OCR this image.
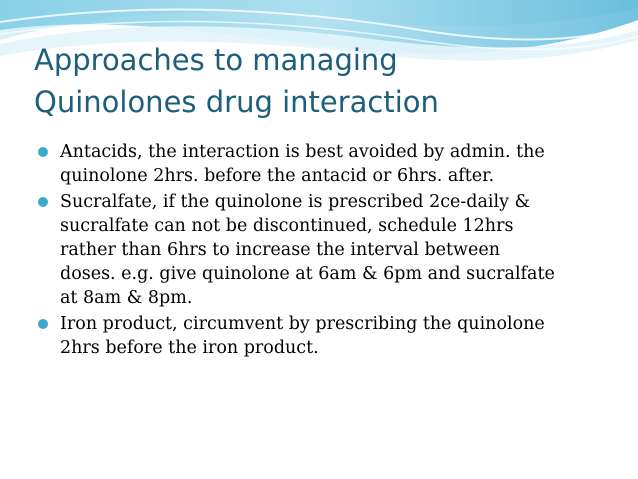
Approaches to managing
Quinolones drug interaction
Antacids, the interaction is best avoided by admin. the
quinolone 2hrs. before the antacid or 6hrs. after.
Sucralfate, if the quinolone is prescribed 2ce-daily &
sucralfate can not be discontinued, schedule 12hrs
rather than 6hrs to increase the interval between
doses. e.g. give quinolone at 6am & 6pm and sucralfate
at 8am & 8pm.
Iron product, circumvent by prescribing the quinolone
2hrs before the iron product.
